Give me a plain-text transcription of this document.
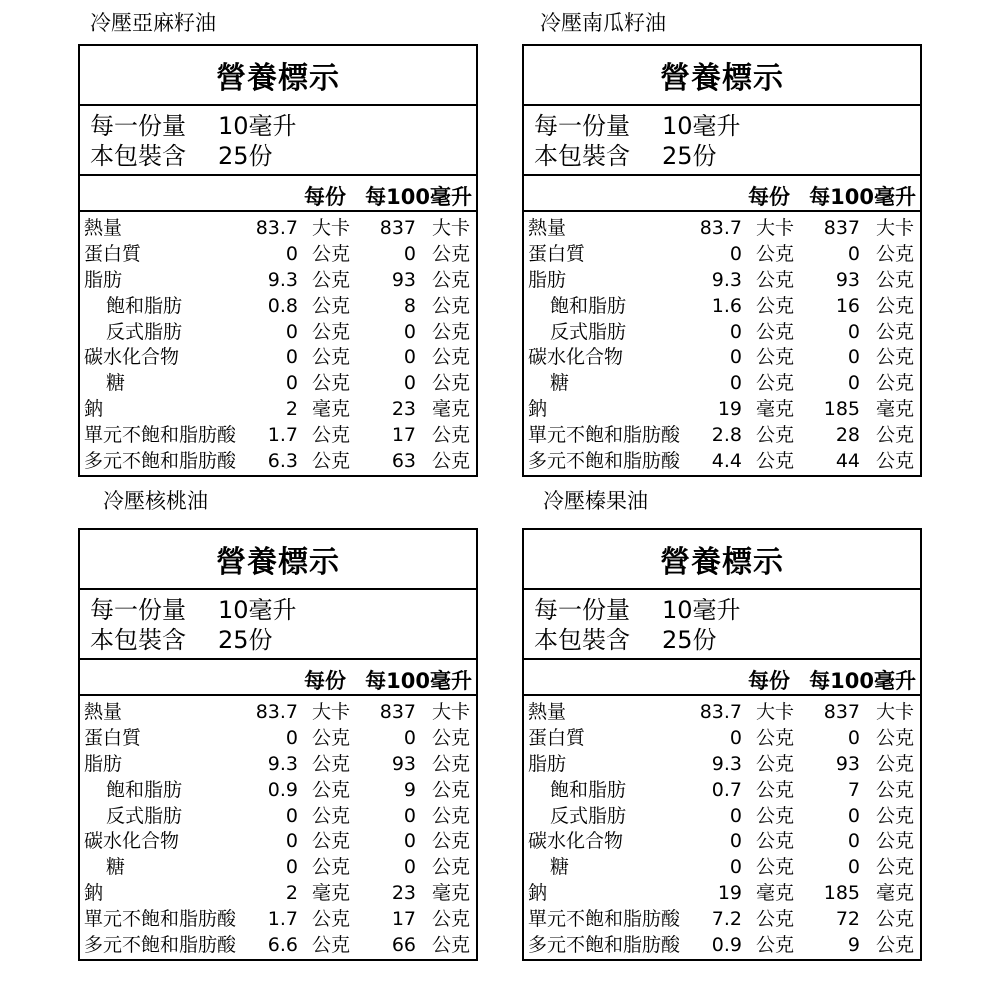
冷壓亞麻籽油
營養標示
每一份量	10毫升
本包裝含	25份
每份 每100毫升
熱量	83.7 大卡 837 大卡
蛋白質	0 公克	0 公克
脂肪	9.3 公克 93 公克
飽和脂肪	0.8 公克	8 公克
反式脂肪	0 公克	0 公克
碳水化合物	0 公克	0 公克
糖	0 公克	0 公克
鈉	2 毫克 23 毫克
單元不飽和脂肪酸 1.7 公克 17 公克
多元不飽和脂肪酸 6.3 公克 63 公克
冷壓南瓜籽油
營養標示
每一份量	10毫升
本包裝含	25份
每份 每100毫升
熱量	83.7 大卡 837 大卡
蛋白質	0 公克	0 公克
脂肪	9.3 公克 93 公克
飽和脂肪	1.6 公克 16 公克
反式脂肪	0 公克	0 公克
碳水化合物	0 公克	0 公克
糖	0 公克	0 公克
鈉	19 毫克 185 毫克
單元不飽和脂肪酸 2.8 公克 28 公克
多元不飽和脂肪酸 4.4 公克 44 公克
冷壓核桃油
營養標示
每一份量	10毫升
本包裝含	25份
每份 每100毫升
熱量	83.7 大卡 837 大卡
蛋白質	0 公克	0 公克
脂肪	9.3 公克 93 公克
飽和脂肪	0.9 公克	9 公克
反式脂肪	0 公克	0 公克
碳水化合物	0 公克	0 公克
糖	0 公克	0 公克
鈉	2 毫克 23 毫克
單元不飽和脂肪酸 1.7 公克 17 公克
多元不飽和脂肪酸 6.6 公克 66 公克
冷壓榛果油
營養標示
每一份量	10毫升
本包裝含	25份
每份 每100毫升
熱量	83.7 大卡 837 大卡
蛋白質	0 公克	0 公克
脂肪	9.3 公克 93 公克
飽和脂肪	0.7 公克	7 公克
反式脂肪	0 公克	0 公克
碳水化合物	0 公克	0 公克
糖	0 公克	0 公克
鈉	19 毫克 185 毫克
單元不飽和脂肪酸 7.2 公克 72 公克
多元不飽和脂肪酸 0.9 公克	9 公克
